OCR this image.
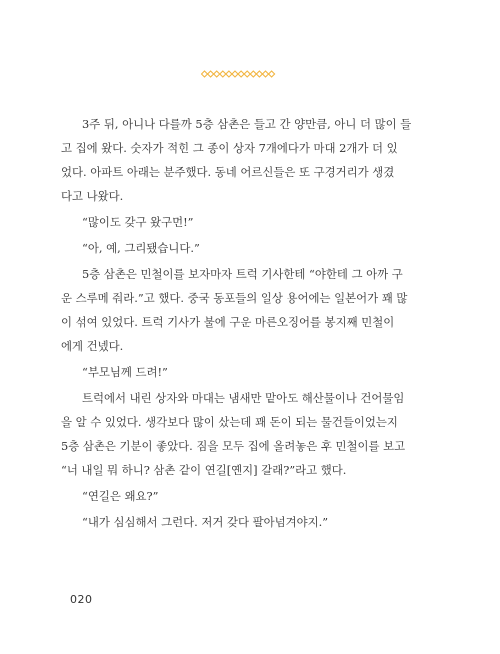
3주 뒤, 아니나 다를까 5층 삼촌은 들고 간 양만큼, 아니 더 많이 들
고 집에 왔다. 숫자가 적힌 그 종이 상자 7개에다가 마대 2개가 더 있
었다. 아파트 아래는 분주했다. 동네 어르신들은 또 구경거리가 생겼
다고 나왔다.

“많이도 갖구 왔구먼!”

“아, 예, 그리됐습니다.”

5층 삼촌은 민철이를 보자마자 트럭 기사한테 “야한테 그 아까 구
운 스루메 줘라.”고 했다. 중국 동포들의 일상 용어에는 일본어가 꽤 많
이 섞여 있었다. 트럭 기사가 불에 구운 마른오징어를 봉지째 민철이
에게 건넸다.

“부모님께 드려!”

트럭에서 내린 상자와 마대는 냄새만 맡아도 해산물이나 건어물임
을 알 수 있었다. 생각보다 많이 샀는데 꽤 돈이 되는 물건들이었는지
5층 삼촌은 기분이 좋았다. 짐을 모두 집에 올려놓은 후 민철이를 보고
“너 내일 뭐 하니? 삼촌 같이 연길[옌지] 갈래?”라고 했다.

“연길은 왜요?”

“내가 심심해서 그런다. 저거 갖다 팔아넘겨야지.”

020
